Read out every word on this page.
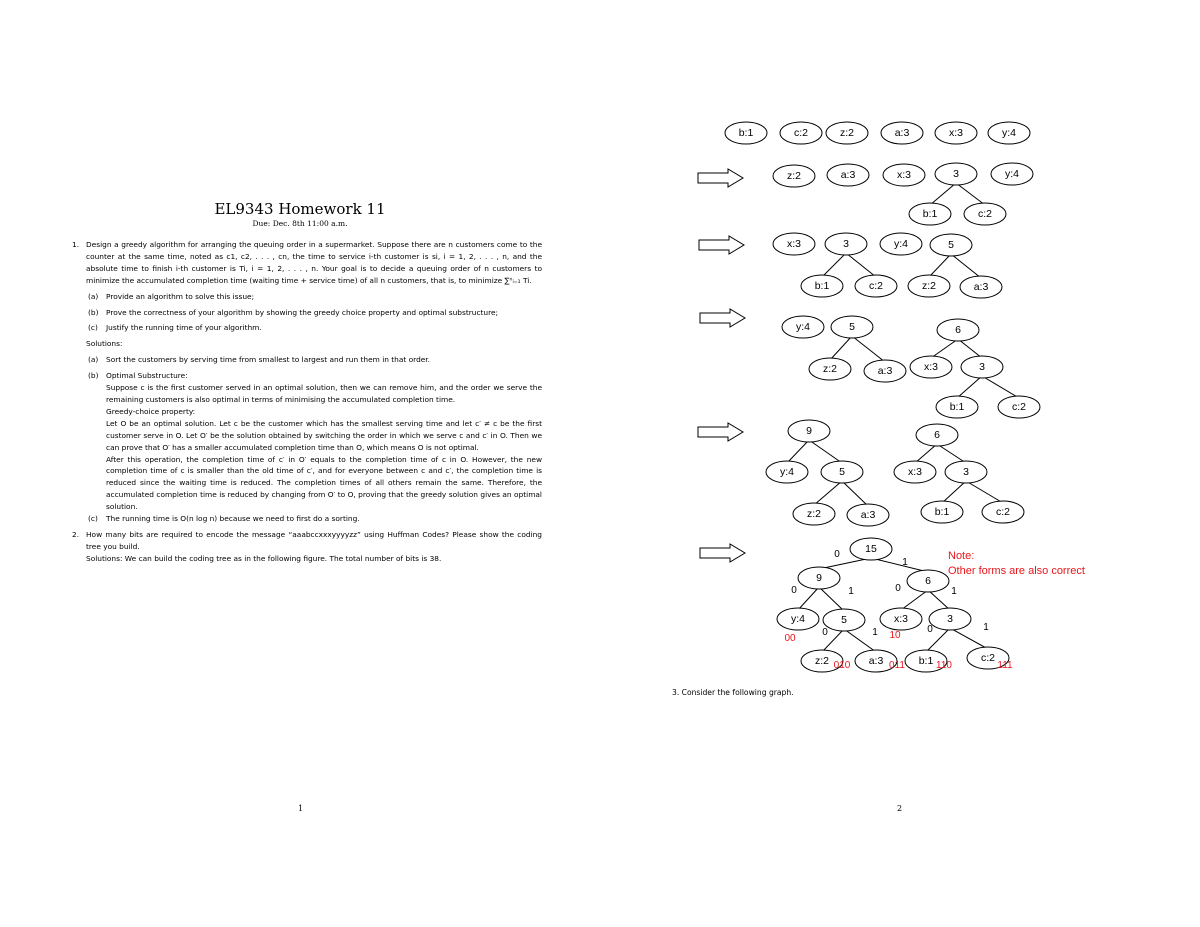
EL9343 Homework 11
Due: Dec. 8th 11:00 a.m.
1. Design a greedy algorithm for arranging the queuing order in a supermarket. Suppose there are n customers come to the counter at the same time, noted as c1, c2, . . . , cn, the time to service i-th customer is si, i = 1, 2, . . . , n, and the absolute time to finish i-th customer is Ti, i = 1, 2, . . . , n. Your goal is to decide a queuing order of n customers to minimize the accumulated completion time (waiting time + service time) of all n customers, that is, to minimize ∑ⁿᵢ₌₁ Ti.
(a) Provide an algorithm to solve this issue;
(b) Prove the correctness of your algorithm by showing the greedy choice property and optimal substructure;
(c) Justify the running time of your algorithm.
Solutions:
(a) Sort the customers by serving time from smallest to largest and run them in that order.
(b) Optimal Substructure:
Suppose c is the first customer served in an optimal solution, then we can remove him, and the order we serve the remaining customers is also optimal in terms of minimising the accumulated completion time.
Greedy-choice property:
Let O be an optimal solution. Let c be the customer which has the smallest serving time and let c′ ≠ c be the first customer serve in O. Let O′ be the solution obtained by switching the order in which we serve c and c′ in O. Then we can prove that O′ has a smaller accumulated completion time than O, which means O is not optimal.
After this operation, the completion time of c′ in O′ equals to the completion time of c in O. However, the new completion time of c is smaller than the old time of c′, and for everyone between c and c′, the completion time is reduced since the waiting time is reduced. The completion times of all others remain the same. Therefore, the accumulated completion time is reduced by changing from O′ to O, proving that the greedy solution gives an optimal solution.
(c) The running time is O(n log n) because we need to first do a sorting.
2. How many bits are required to encode the message “aaabccxxxyyyyzz” using Huffman Codes? Please show the coding tree you build.
Solutions: We can build the coding tree as in the following figure. The total number of bits is 38.
1
b:1	c:2	z:2	a:3	x:3	y:4
z:2	a:3	x:3	3	y:4
b:1	c:2
x:3	3	y:4	5
b:1	c:2	z:2	a:3
y:4	5	6
z:2	a:3	x:3	3
b:1	c:2
9	6
y:4	5	x:3	3
z:2	a:3	b:1	c:2
15
9	6
y:4	5	x:3	3
z:2	a:3	b:1	c:2
0
1
0	1	0	1
0	1	0	1
00	10
010	011	110	111
Note:
Other forms are also correct
3. Consider the following graph.
2
